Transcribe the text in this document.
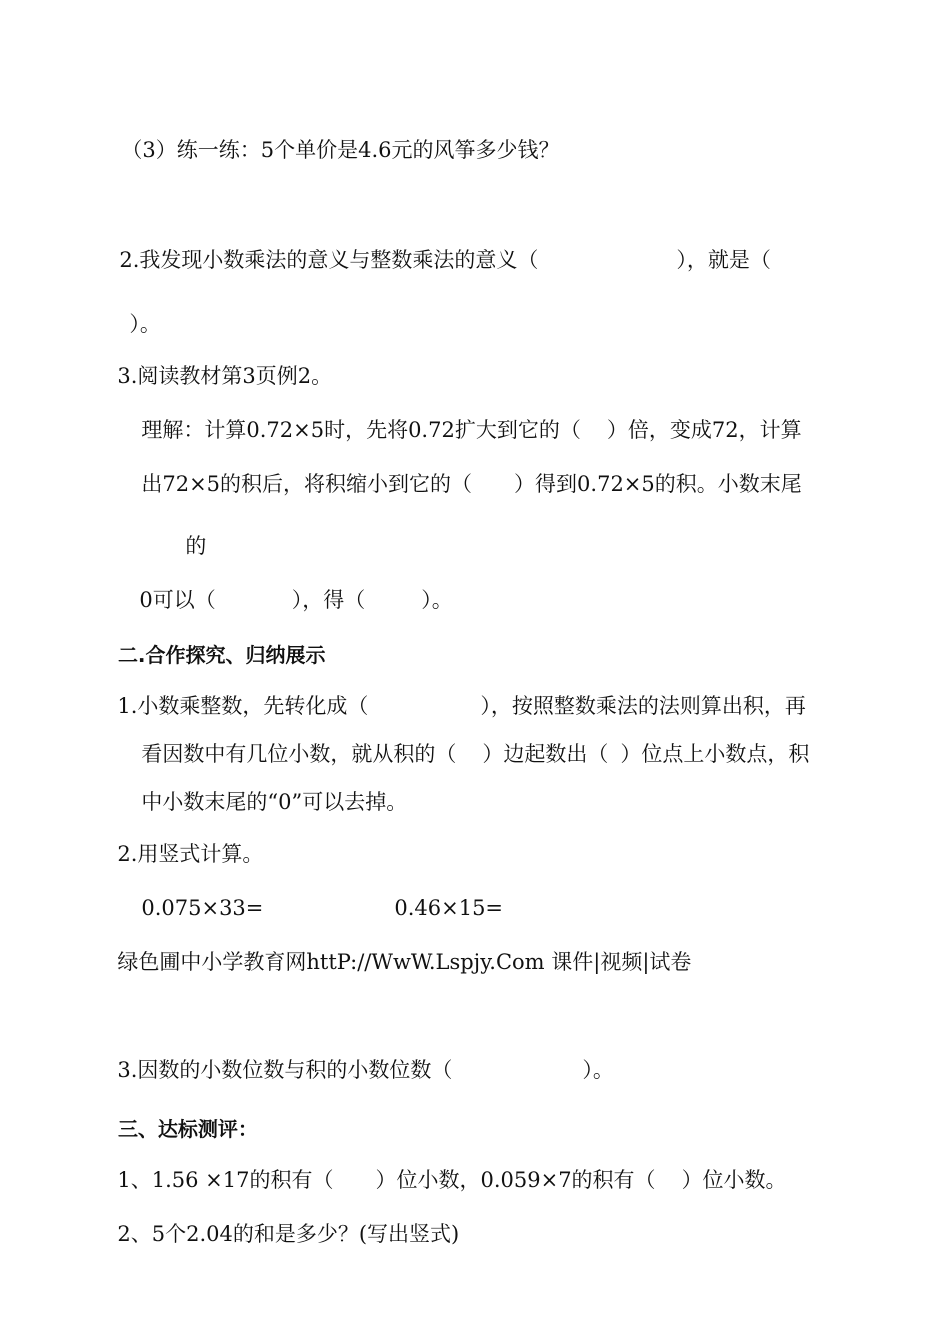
（3）练一练：5个单价是4.6元的风筝多少钱？

2.我发现小数乘法的意义与整数乘法的意义（	），就是（

）。

3.阅读教材第3页例2。

理解：计算0.72×5时，先将0.72扩大到它的（ ）倍，变成72，计算

出72×5的积后，将积缩小到它的（ ）得到0.72×5的积。小数末尾

的

0可以（	），得（	）。

二.合作探究、归纳展示

1.小数乘整数，先转化成（	），按照整数乘法的法则算出积，再

看因数中有几位小数，就从积的（ ）边起数出（ ）位点上小数点，积

中小数末尾的“0”可以去掉。

2.用竖式计算。

0.075×33=	0.46×15=

绿色圃中小学教育网httP://WwW.Lspjy.Com 课件|视频|试卷

3.因数的小数位数与积的小数位数（	）。

三、达标测评：

1、1.56 ×17的积有（ ）位小数，0.059×7的积有（ ）位小数。

2、5个2.04的和是多少？(写出竖式)
